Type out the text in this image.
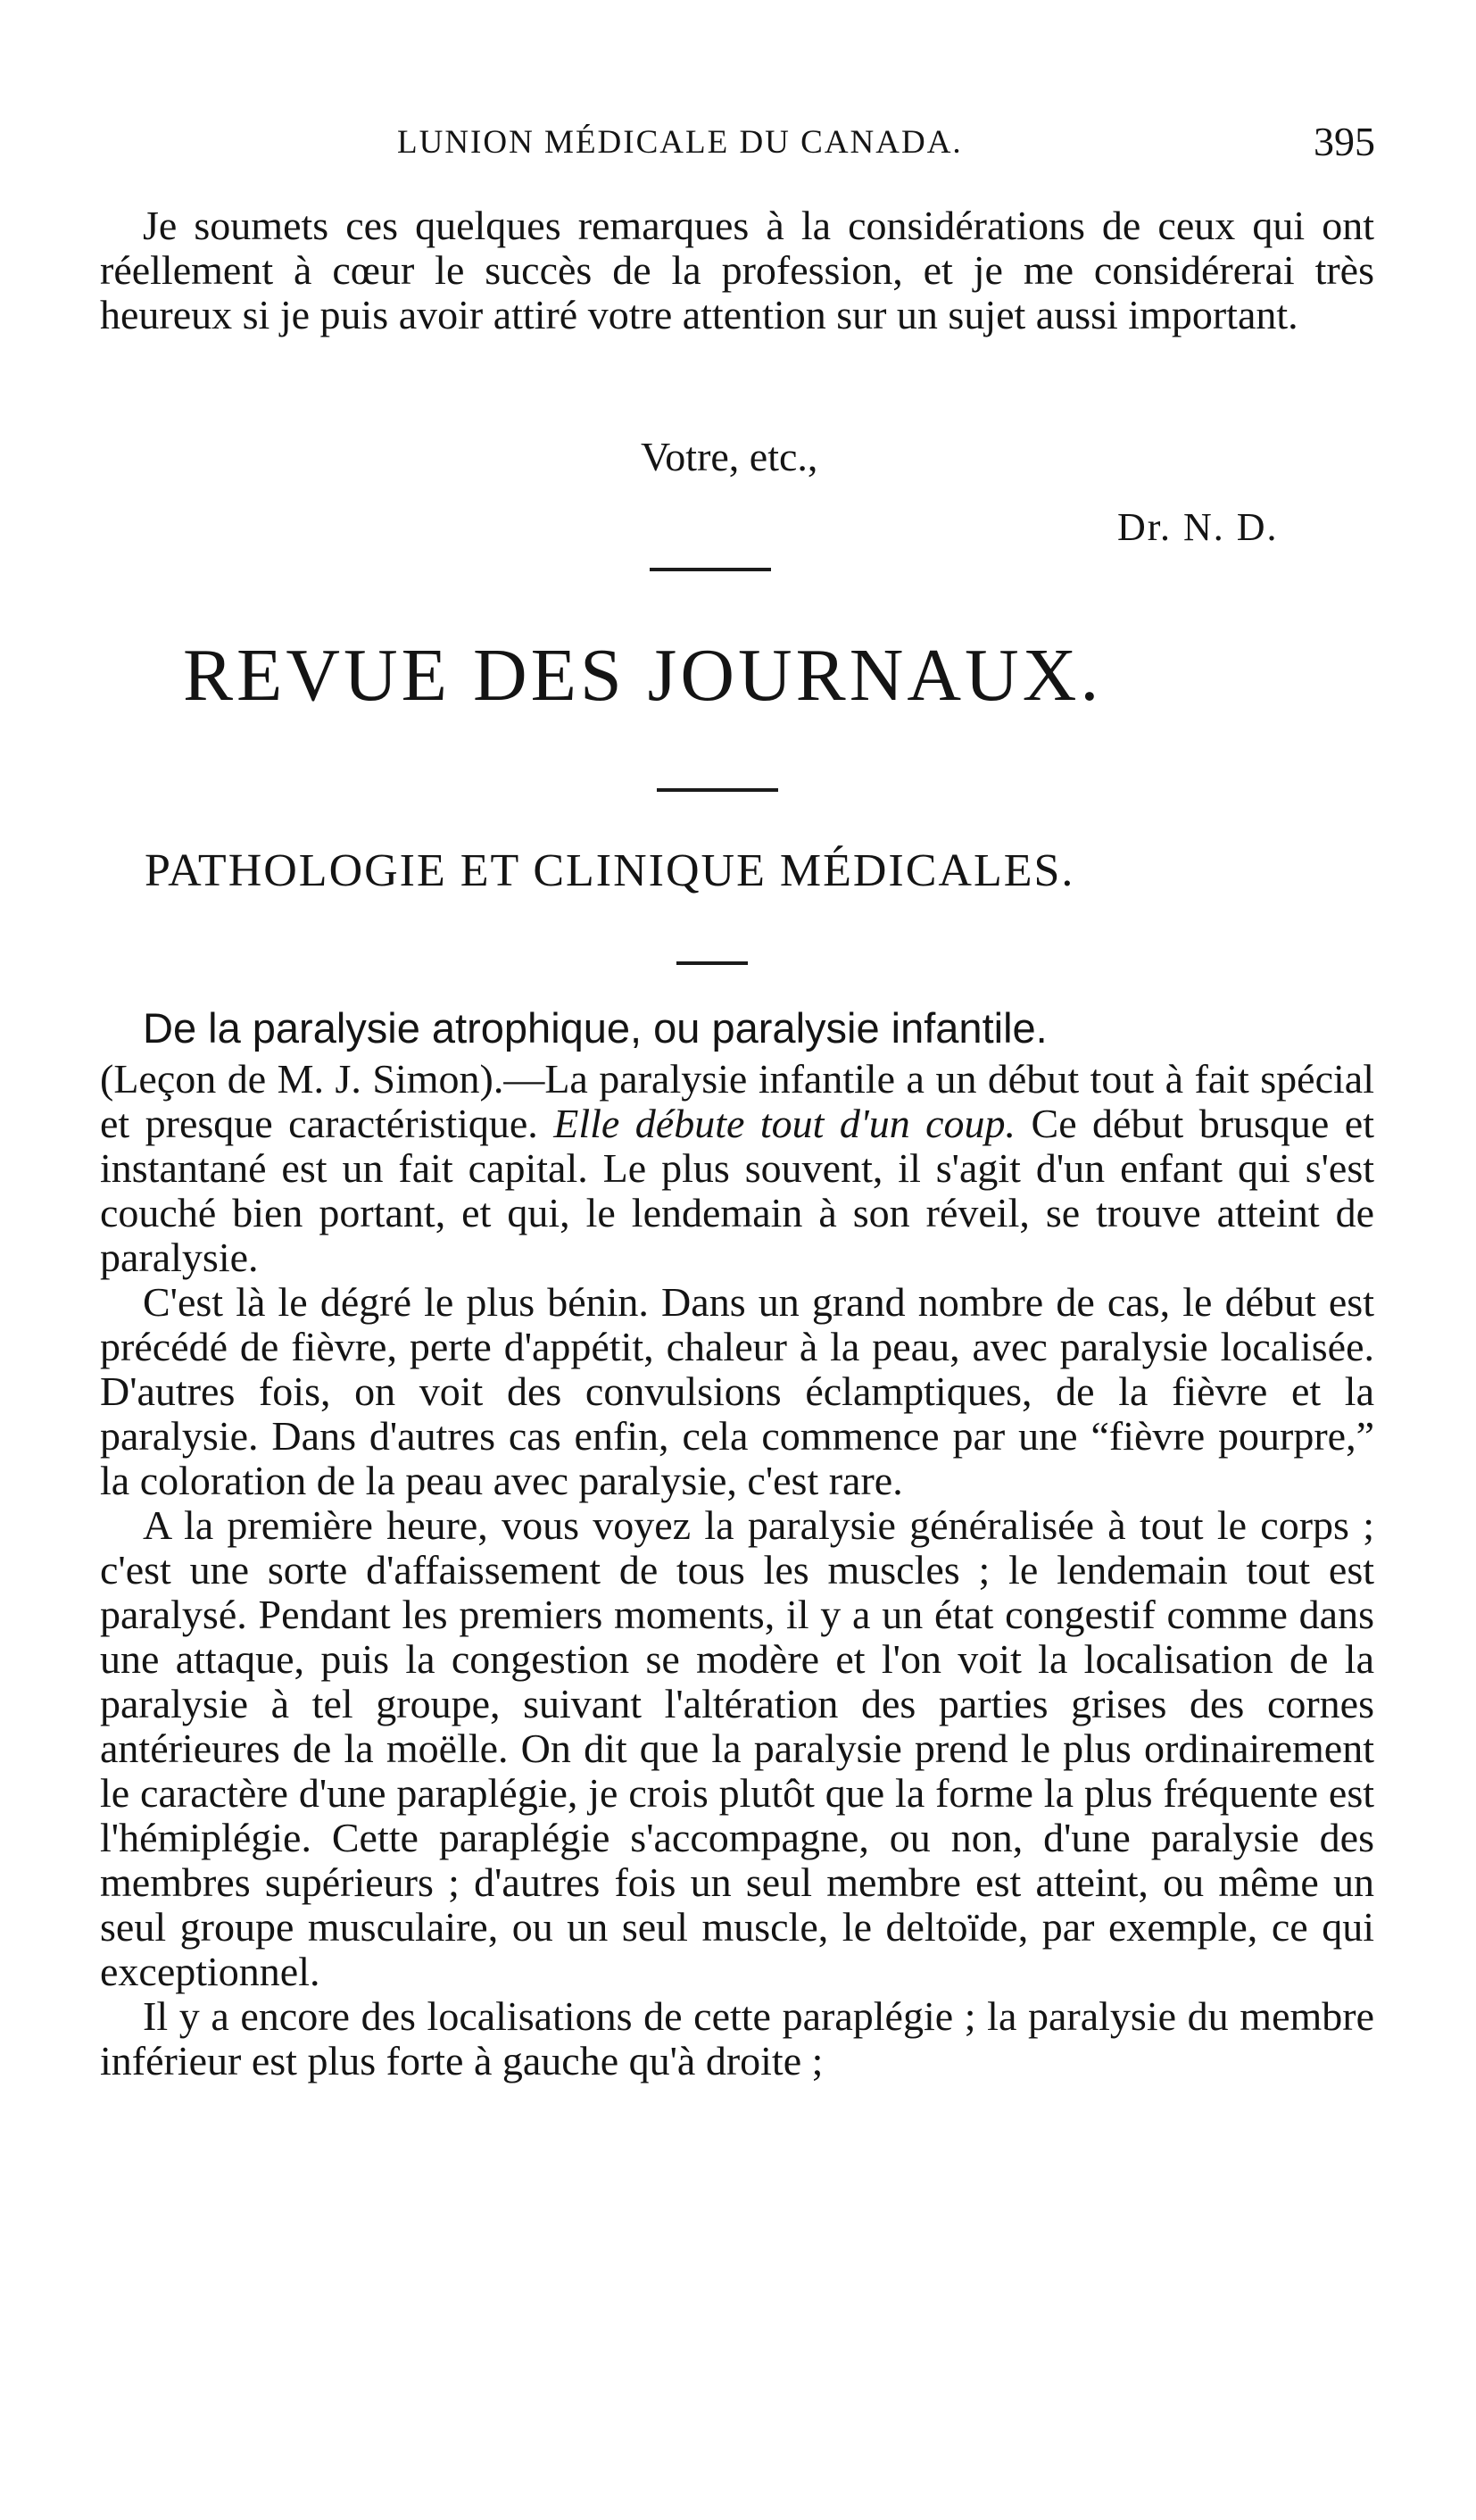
LUNION MÉDICALE DU CANADA.	395

Je soumets ces quelques remarques à la considérations de ceux qui ont réellement à cœur le succès de la profession, et je me considérerai très heureux si je puis avoir attiré votre attention sur un sujet aussi important.

Votre, etc.,
Dr. N. D.
REVUE DES JOURNAUX.
PATHOLOGIE ET CLINIQUE MÉDICALES.
De la paralysie atrophique, ou paralysie infantile.

(Leçon de M. J. Simon).—La paralysie infantile a un début tout à fait spécial et presque caractéristique. Elle débute tout d'un coup. Ce début brusque et instantané est un fait capital. Le plus souvent, il s'agit d'un enfant qui s'est couché bien portant, et qui, le lendemain à son réveil, se trouve atteint de paralysie.

C'est là le dégré le plus bénin. Dans un grand nombre de cas, le début est précédé de fièvre, perte d'appétit, chaleur à la peau, avec paralysie localisée. D'autres fois, on voit des convulsions éclamptiques, de la fièvre et la paralysie. Dans d'autres cas enfin, cela commence par une “fièvre pourpre,” la coloration de la peau avec paralysie, c'est rare.

A la première heure, vous voyez la paralysie généralisée à tout le corps ; c'est une sorte d'affaissement de tous les muscles ; le lendemain tout est paralysé. Pendant les premiers moments, il y a un état congestif comme dans une attaque, puis la congestion se modère et l'on voit la localisation de la paralysie à tel groupe, suivant l'altération des parties grises des cornes antérieures de la moëlle. On dit que la paralysie prend le plus ordinairement le caractère d'une paraplégie, je crois plutôt que la forme la plus fréquente est l'hémiplégie. Cette paraplégie s'accompagne, ou non, d'une paralysie des membres supérieurs ; d'autres fois un seul membre est atteint, ou même un seul groupe musculaire, ou un seul muscle, le deltoïde, par exemple, ce qui exceptionnel.

Il y a encore des localisations de cette paraplégie ; la paralysie du membre inférieur est plus forte à gauche qu'à droite ;
